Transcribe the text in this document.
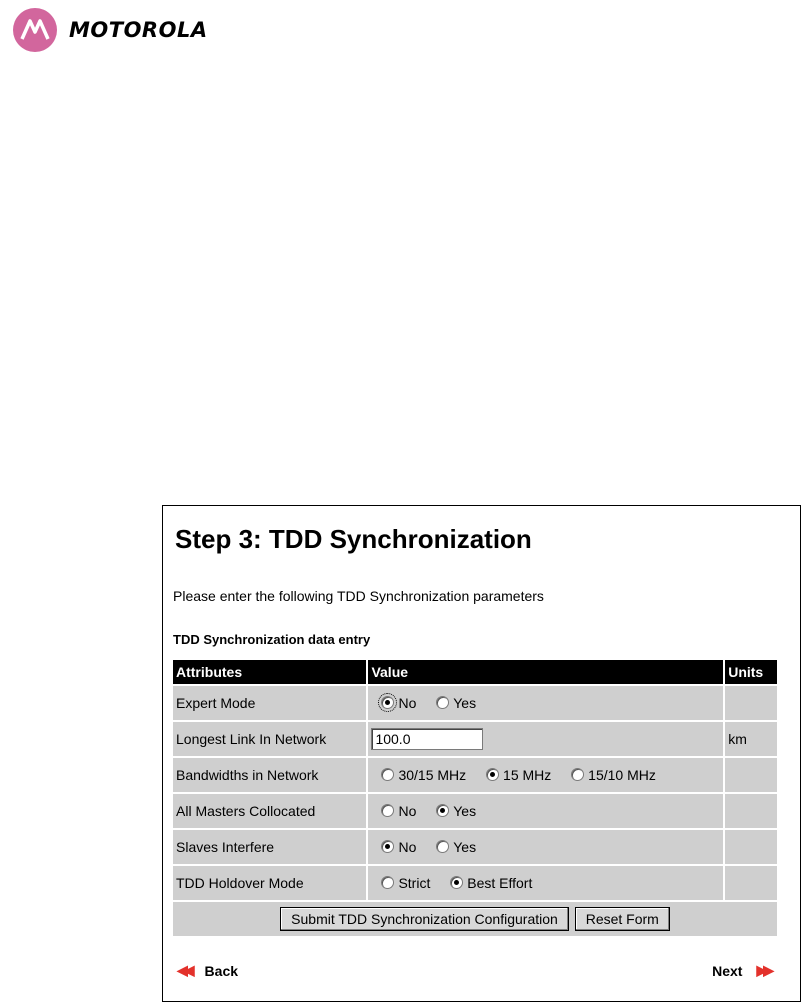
MOTOROLA
Step 3: TDD Synchronization
Please enter the following TDD Synchronization parameters
TDD Synchronization data entry
Attributes	Value	Units
Expert Mode	No Yes	
Longest Link In Network	100.0	km
Bandwidths in Network	30/15 MHz 15 MHz 15/10 MHz	
All Masters Collocated	No Yes	
Slaves Interfere	No Yes	
TDD Holdover Mode	Strict Best Effort	
Submit TDD Synchronization Configuration Reset Form		
◀◀ Back	Next ▶▶
